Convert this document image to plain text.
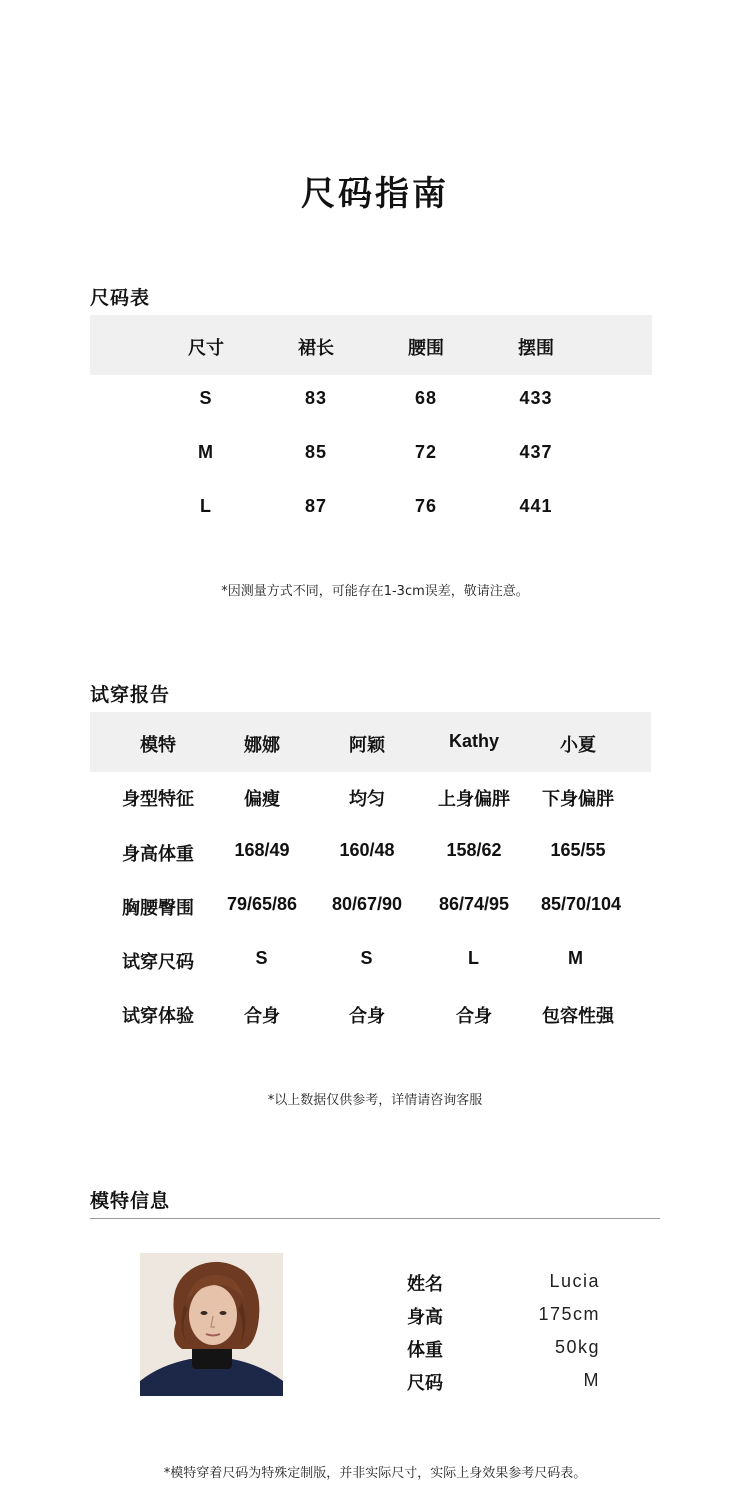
尺码指南
尺码表
尺寸	裙长	腰围	摆围
S	83	68	433
M	85	72	437
L	87	76	441
*因测量方式不同，可能存在1-3cm误差，敬请注意。
试穿报告
模特	娜娜	阿颖	Kathy	小夏
身型特征	偏瘦	均匀	上身偏胖	下身偏胖
身高体重	168/49	160/48	158/62	165/55
胸腰臀围	79/65/86	80/67/90	86/74/95	85/70/104
试穿尺码	S	S	L	M
试穿体验	合身	合身	合身	包容性强
*以上数据仅供参考，详情请咨询客服
模特信息
姓名	Lucia
身高	175cm
体重	50kg
尺码	M
*模特穿着尺码为特殊定制版，并非实际尺寸，实际上身效果参考尺码表。
